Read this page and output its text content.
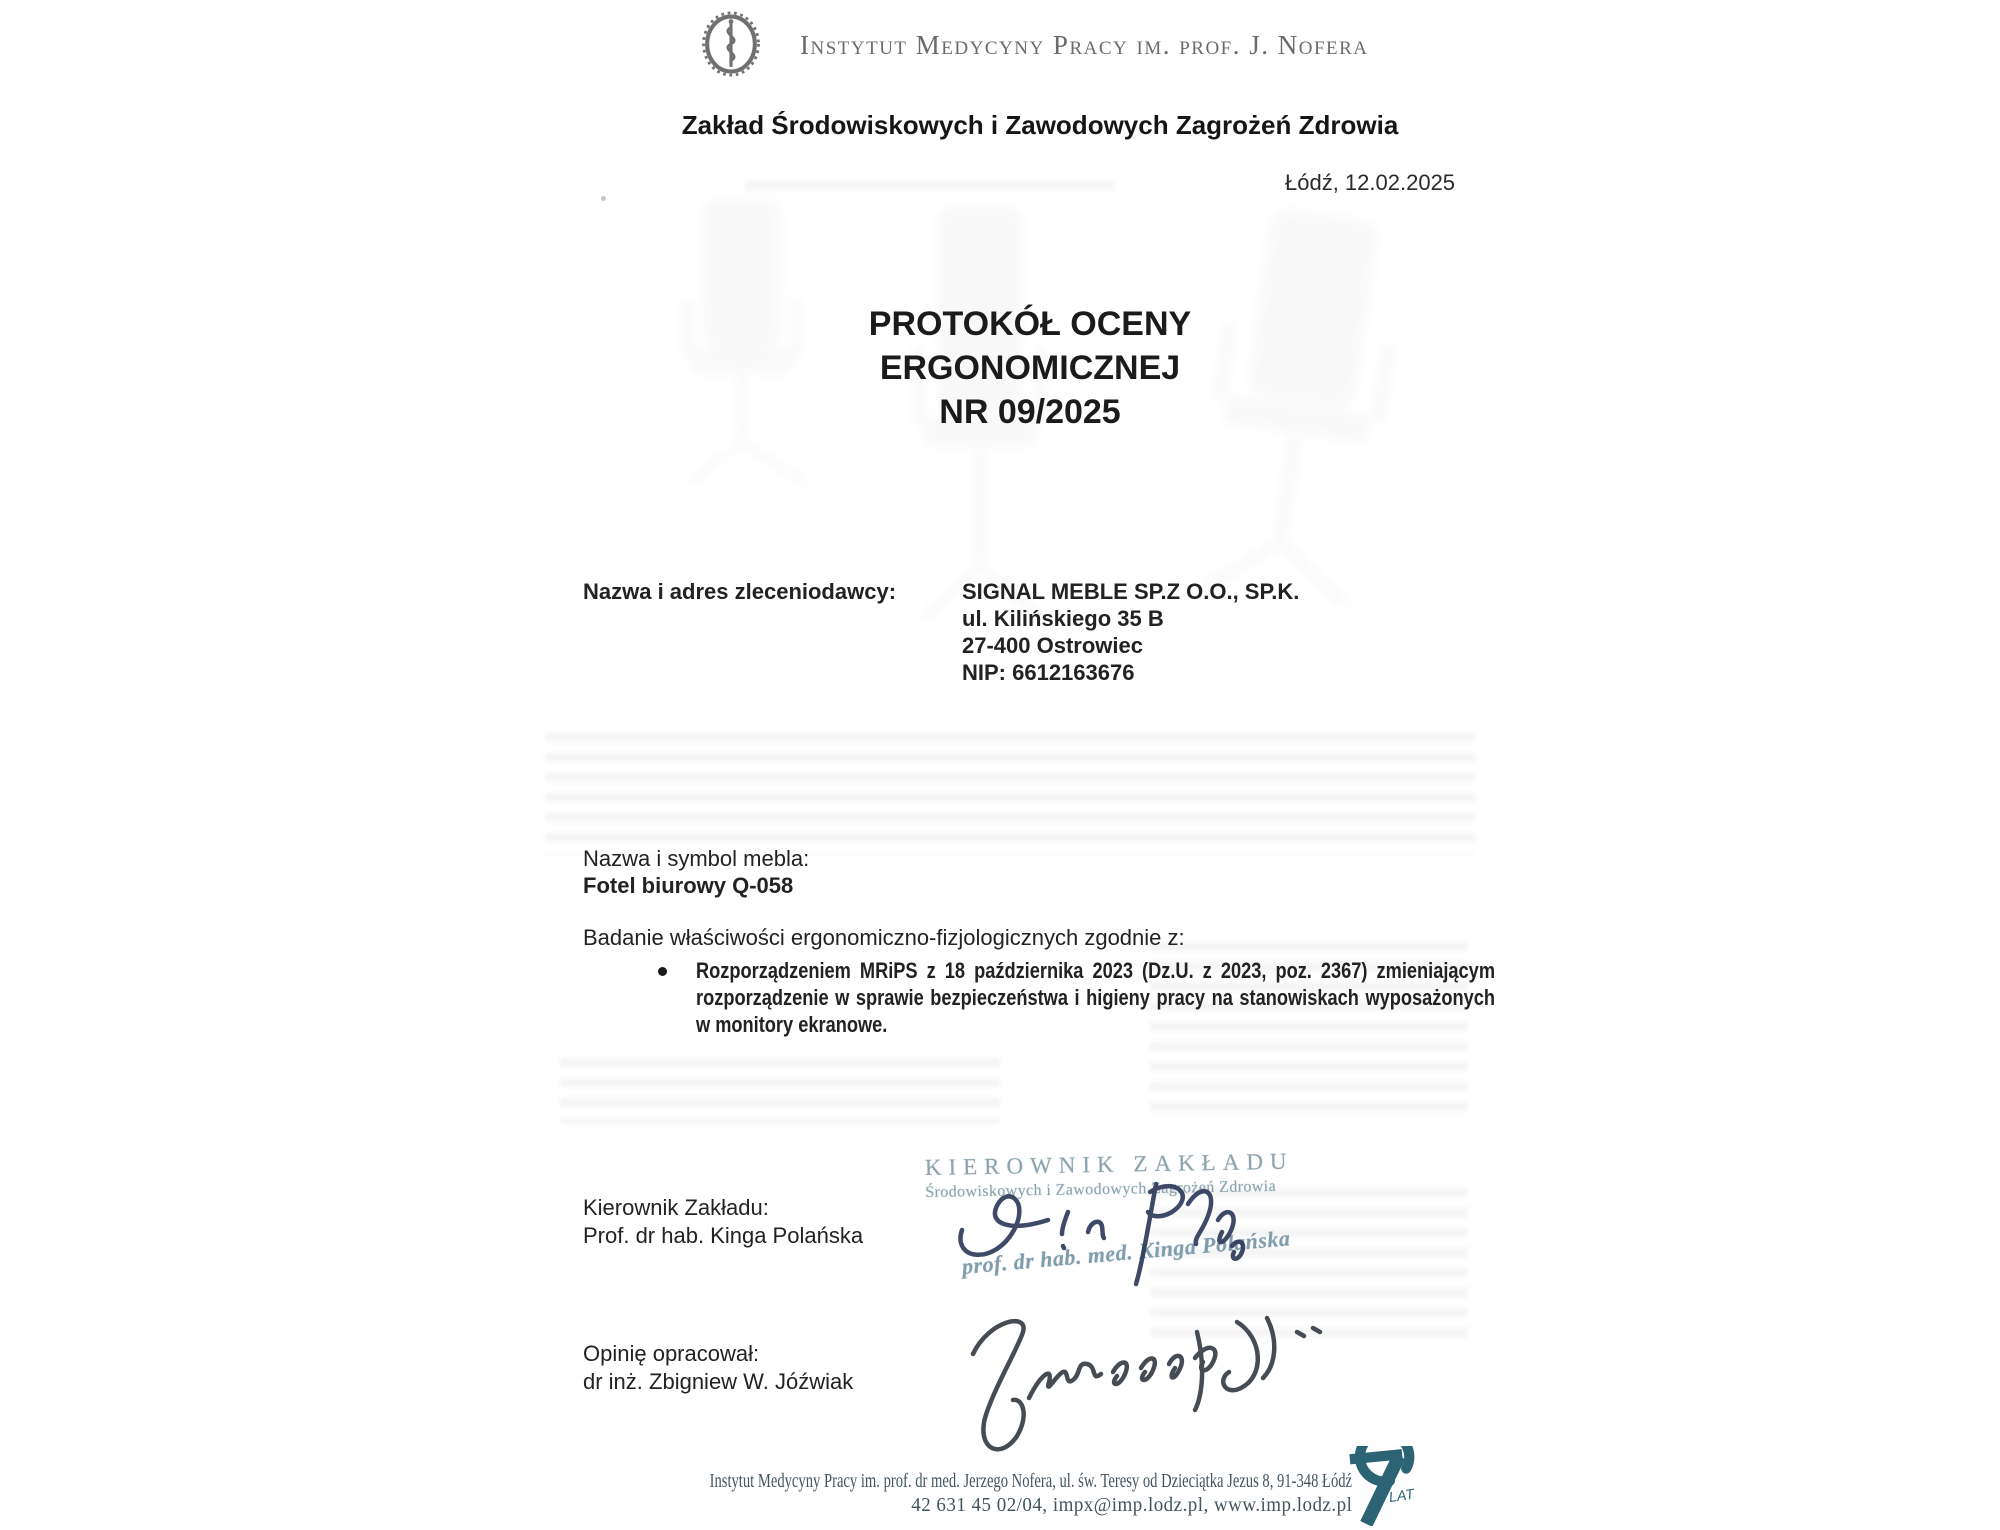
Instytut Medycyny Pracy im. prof. J. Nofera
Zakład Środowiskowych i Zawodowych Zagrożeń Zdrowia
Łódź, 12.02.2025
PROTOKÓŁ OCENY
ERGONOMICZNEJ
NR 09/2025
Nazwa i adres zleceniodawcy:	SIGNAL MEBLE SP.Z O.O., SP.K.
ul. Kilińskiego 35 B
27-400 Ostrowiec
NIP: 6612163676
Nazwa i symbol mebla:
Fotel biurowy Q-058
Badanie właściwości ergonomiczno-fizjologicznych zgodnie z:
Rozporządzeniem MRiPS z 18 października 2023 (Dz.U. z 2023, poz. 2367) zmieniającym rozporządzenie w sprawie bezpieczeństwa i higieny pracy na stanowiskach wyposażonych w monitory ekranowe.
KIEROWNIK ZAKŁADU
Środowiskowych i Zawodowych Zagrożeń Zdrowia
prof. dr hab. med. Kinga Polańska
Kierownik Zakładu:
Prof. dr hab. Kinga Polańska
Opinię opracował:
dr inż. Zbigniew W. Jóźwiak
Instytut Medycyny Pracy im. prof. dr med. Jerzego Nofera, ul. św. Teresy od Dzieciątka Jezus 8, 91-348 Łódź
42 631 45 02/04, impx@imp.lodz.pl, www.imp.lodz.pl	LAT
